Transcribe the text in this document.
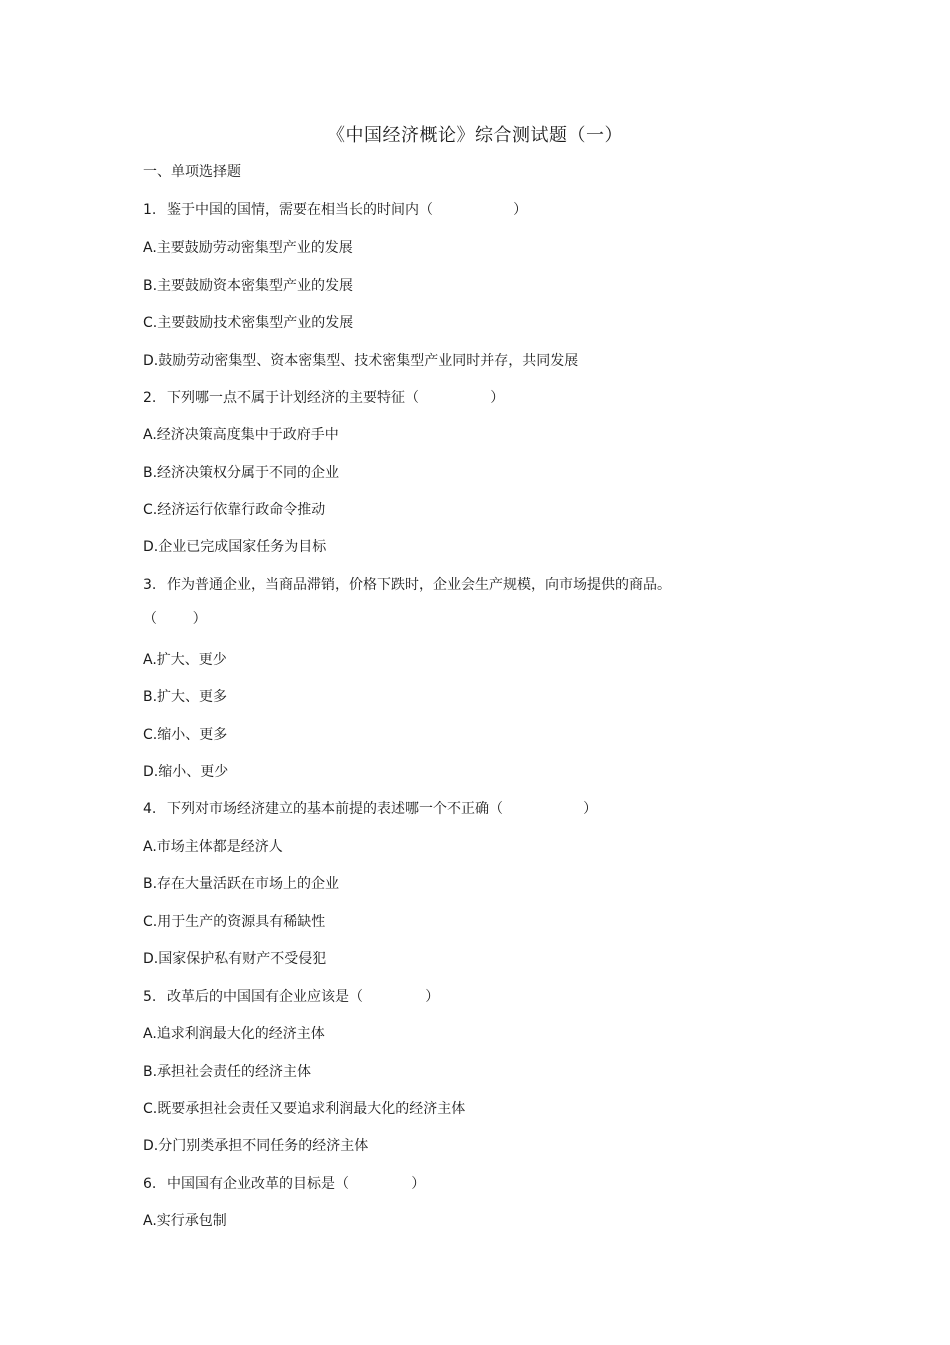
《中国经济概论》综合测试题（一）
一、单项选择题
1. 鉴于中国的国情，需要在相当长的时间内（                  ）
A.主要鼓励劳动密集型产业的发展
B.主要鼓励资本密集型产业的发展
C.主要鼓励技术密集型产业的发展
D.鼓励劳动密集型、资本密集型、技术密集型产业同时并存，共同发展
2. 下列哪一点不属于计划经济的主要特征（                ）
A.经济决策高度集中于政府手中
B.经济决策权分属于不同的企业
C.经济运行依靠行政命令推动
D.企业已完成国家任务为目标
3. 作为普通企业，当商品滞销，价格下跌时，企业会生产规模，向市场提供的商品。
（        ）
A.扩大、更少
B.扩大、更多
C.缩小、更多
D.缩小、更少
4. 下列对市场经济建立的基本前提的表述哪一个不正确（                  ）
A.市场主体都是经济人
B.存在大量活跃在市场上的企业
C.用于生产的资源具有稀缺性
D.国家保护私有财产不受侵犯
5. 改革后的中国国有企业应该是（              ）
A.追求利润最大化的经济主体
B.承担社会责任的经济主体
C.既要承担社会责任又要追求利润最大化的经济主体
D.分门别类承担不同任务的经济主体
6. 中国国有企业改革的目标是（              ）
A.实行承包制
